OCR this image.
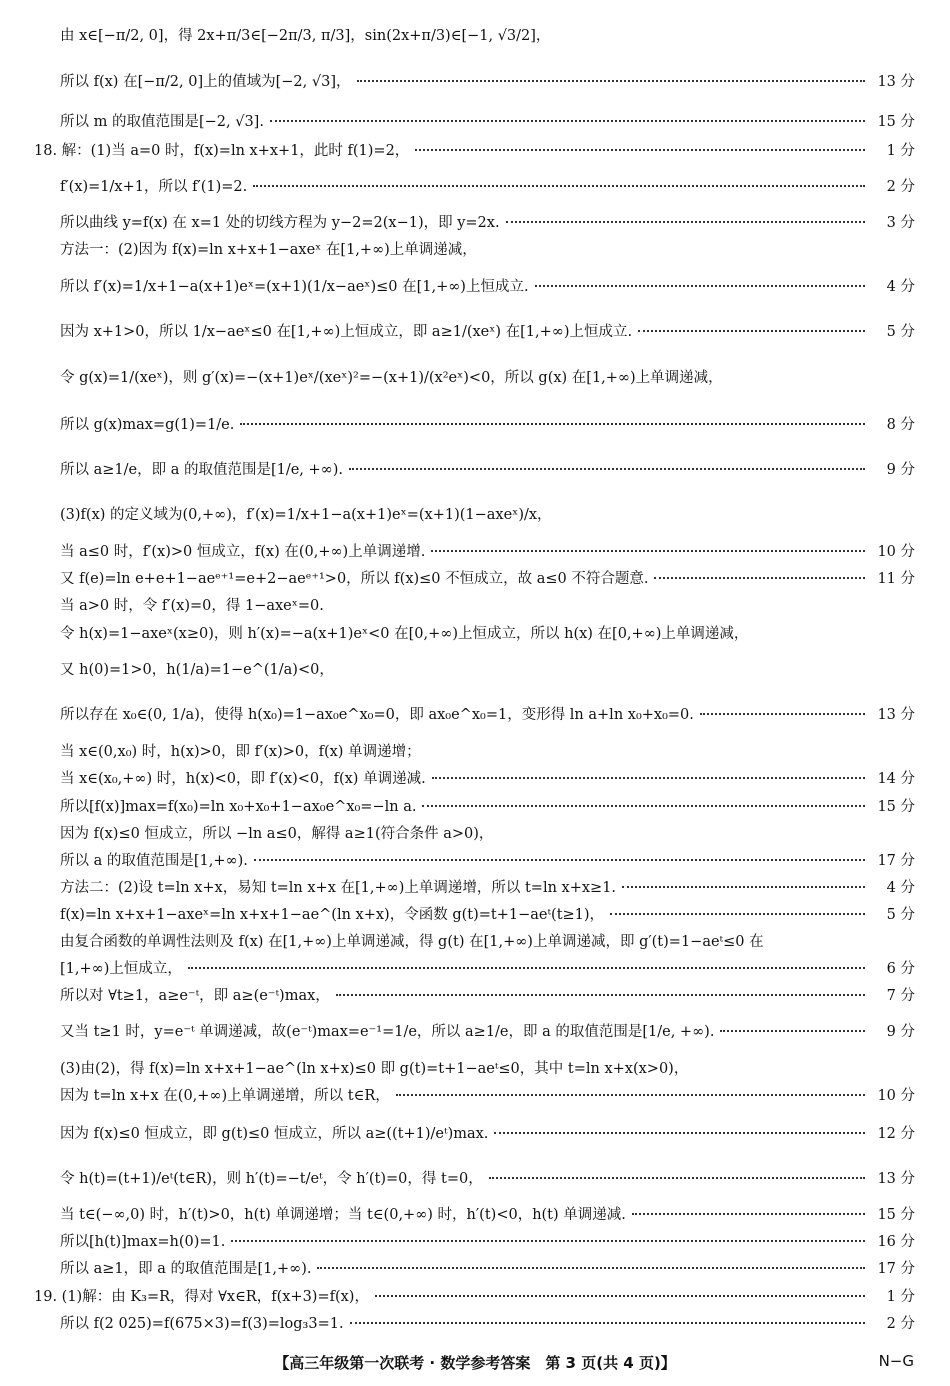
由 x∈[−π/2, 0]，得 2x+π/3∈[−2π/3, π/3]，sin(2x+π/3)∈[−1, √3/2]，
所以 f(x) 在[−π/2, 0]上的值域为[−2, √3]，	13 分
所以 m 的取值范围是[−2, √3].	15 分
18. 解：(1)当 a=0 时，f(x)=ln x+x+1，此时 f(1)=2，	1 分
f′(x)=1/x+1，所以 f′(1)=2.	2 分
所以曲线 y=f(x) 在 x=1 处的切线方程为 y−2=2(x−1)，即 y=2x.	3 分
方法一：(2)因为 f(x)=ln x+x+1−axeˣ 在[1,+∞)上单调递减，
所以 f′(x)=1/x+1−a(x+1)eˣ=(x+1)(1/x−aeˣ)≤0 在[1,+∞)上恒成立.	4 分
因为 x+1>0，所以 1/x−aeˣ≤0 在[1,+∞)上恒成立，即 a≥1/(xeˣ) 在[1,+∞)上恒成立.	5 分
令 g(x)=1/(xeˣ)，则 g′(x)=−(x+1)eˣ/(xeˣ)²=−(x+1)/(x²eˣ)<0，所以 g(x) 在[1,+∞)上单调递减，
所以 g(x)max=g(1)=1/e.	8 分
所以 a≥1/e，即 a 的取值范围是[1/e, +∞).	9 分
(3)f(x) 的定义域为(0,+∞)，f′(x)=1/x+1−a(x+1)eˣ=(x+1)(1−axeˣ)/x，
当 a≤0 时，f′(x)>0 恒成立，f(x) 在(0,+∞)上单调递增.	10 分
又 f(e)=ln e+e+1−aeᵉ⁺¹=e+2−aeᵉ⁺¹>0，所以 f(x)≤0 不恒成立，故 a≤0 不符合题意.	11 分
当 a>0 时，令 f′(x)=0，得 1−axeˣ=0.
令 h(x)=1−axeˣ(x≥0)，则 h′(x)=−a(x+1)eˣ<0 在[0,+∞)上恒成立，所以 h(x) 在[0,+∞)上单调递减，
又 h(0)=1>0，h(1/a)=1−e^(1/a)<0，
所以存在 x₀∈(0, 1/a)，使得 h(x₀)=1−ax₀e^x₀=0，即 ax₀e^x₀=1，变形得 ln a+ln x₀+x₀=0.	13 分
当 x∈(0,x₀) 时，h(x)>0，即 f′(x)>0，f(x) 单调递增；
当 x∈(x₀,+∞) 时，h(x)<0，即 f′(x)<0，f(x) 单调递减.	14 分
所以[f(x)]max=f(x₀)=ln x₀+x₀+1−ax₀e^x₀=−ln a.	15 分
因为 f(x)≤0 恒成立，所以 −ln a≤0，解得 a≥1(符合条件 a>0)，
所以 a 的取值范围是[1,+∞).	17 分
方法二：(2)设 t=ln x+x，易知 t=ln x+x 在[1,+∞)上单调递增，所以 t=ln x+x≥1.	4 分
f(x)=ln x+x+1−axeˣ=ln x+x+1−ae^(ln x+x)，令函数 g(t)=t+1−aeᵗ(t≥1)，	5 分
由复合函数的单调性法则及 f(x) 在[1,+∞)上单调递减，得 g(t) 在[1,+∞)上单调递减，即 g′(t)=1−aeᵗ≤0 在
[1,+∞)上恒成立，	6 分
所以对 ∀t≥1，a≥e⁻ᵗ，即 a≥(e⁻ᵗ)max，	7 分
又当 t≥1 时，y=e⁻ᵗ 单调递减，故(e⁻ᵗ)max=e⁻¹=1/e，所以 a≥1/e，即 a 的取值范围是[1/e, +∞).	9 分
(3)由(2)，得 f(x)=ln x+x+1−ae^(ln x+x)≤0 即 g(t)=t+1−aeᵗ≤0，其中 t=ln x+x(x>0)，
因为 t=ln x+x 在(0,+∞)上单调递增，所以 t∈R，	10 分
因为 f(x)≤0 恒成立，即 g(t)≤0 恒成立，所以 a≥((t+1)/eᵗ)max.	12 分
令 h(t)=(t+1)/eᵗ(t∈R)，则 h′(t)=−t/eᵗ，令 h′(t)=0，得 t=0，	13 分
当 t∈(−∞,0) 时，h′(t)>0，h(t) 单调递增；当 t∈(0,+∞) 时，h′(t)<0，h(t) 单调递减.	15 分
所以[h(t)]max=h(0)=1.	16 分
所以 a≥1，即 a 的取值范围是[1,+∞).	17 分
19. (1)解：由 K₃=R，得对 ∀x∈R，f(x+3)=f(x)，	1 分
所以 f(2 025)=f(675×3)=f(3)=log₃3=1.	2 分
【高三年级第一次联考 · 数学参考答案　第 3 页(共 4 页)】	N−G
